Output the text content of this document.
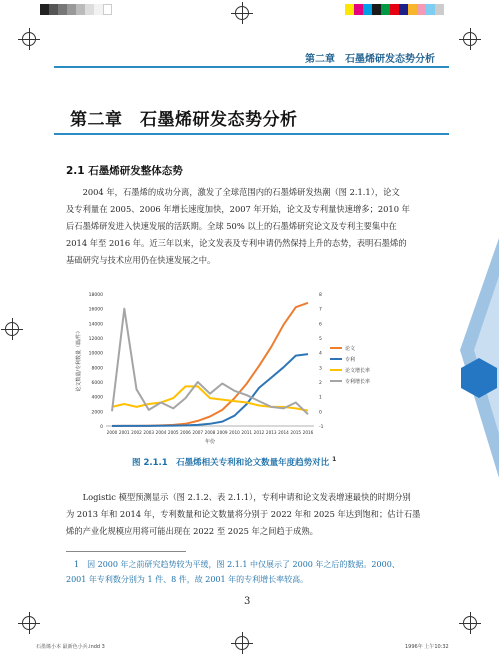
第二章　石墨烯研发态势分析
第二章　石墨烯研发态势分析
2.1 石墨烯研发整体态势

2004 年，石墨烯的成功分离，激发了全球范围内的石墨烯研发热潮（图 2.1.1），论文

及专利量在 2005、2006 年增长速度加快，2007 年开始，论文及专利量快速增多；2010 年

后石墨烯研发进入快速发展的活跃期。全球 50% 以上的石墨烯研究论文及专利主要集中在

2014 年至 2016 年。近三年以来，论文发表及专利申请仍然保持上升的态势，表明石墨烯的

基础研究与技术应用仍在快速发展之中。

0
2000
4000
6000
8000
10000
12000
14000
16000
18000
-1
0
1
2
3
4
5
6
7
8
2000 2001 2002 2003 2004 2005 2006 2007 2008 2009 2010 2011 2012 2013 2014 2015 2016
年份
论文数量/专利数量（篇/件）	论文
专利
论文增长率
专利增长率
图 2.1.1　石墨烯相关专利和论文数量年度趋势对比 $^1$

Logistic 模型预测显示（图 2.1.2、表 2.1.1），专利申请和论文发表增速最快的时期分别

为 2013 年和 2014 年，专利数量和论文数量将分别于 2022 年和 2025 年达到饱和；估计石墨

烯的产业化规模应用将可能出现在 2022 至 2025 年之间趋于成熟。

1　因 2000 年之前研究趋势较为平缓，图 2.1.1 中仅展示了 2000 年之后的数据。2000、

2001 年专利数分别为 1 件、8 件，故 2001 年的专利增长率较高。

3
石墨烯小本 最新色小兵.indd 3	1996年 上午10:32
